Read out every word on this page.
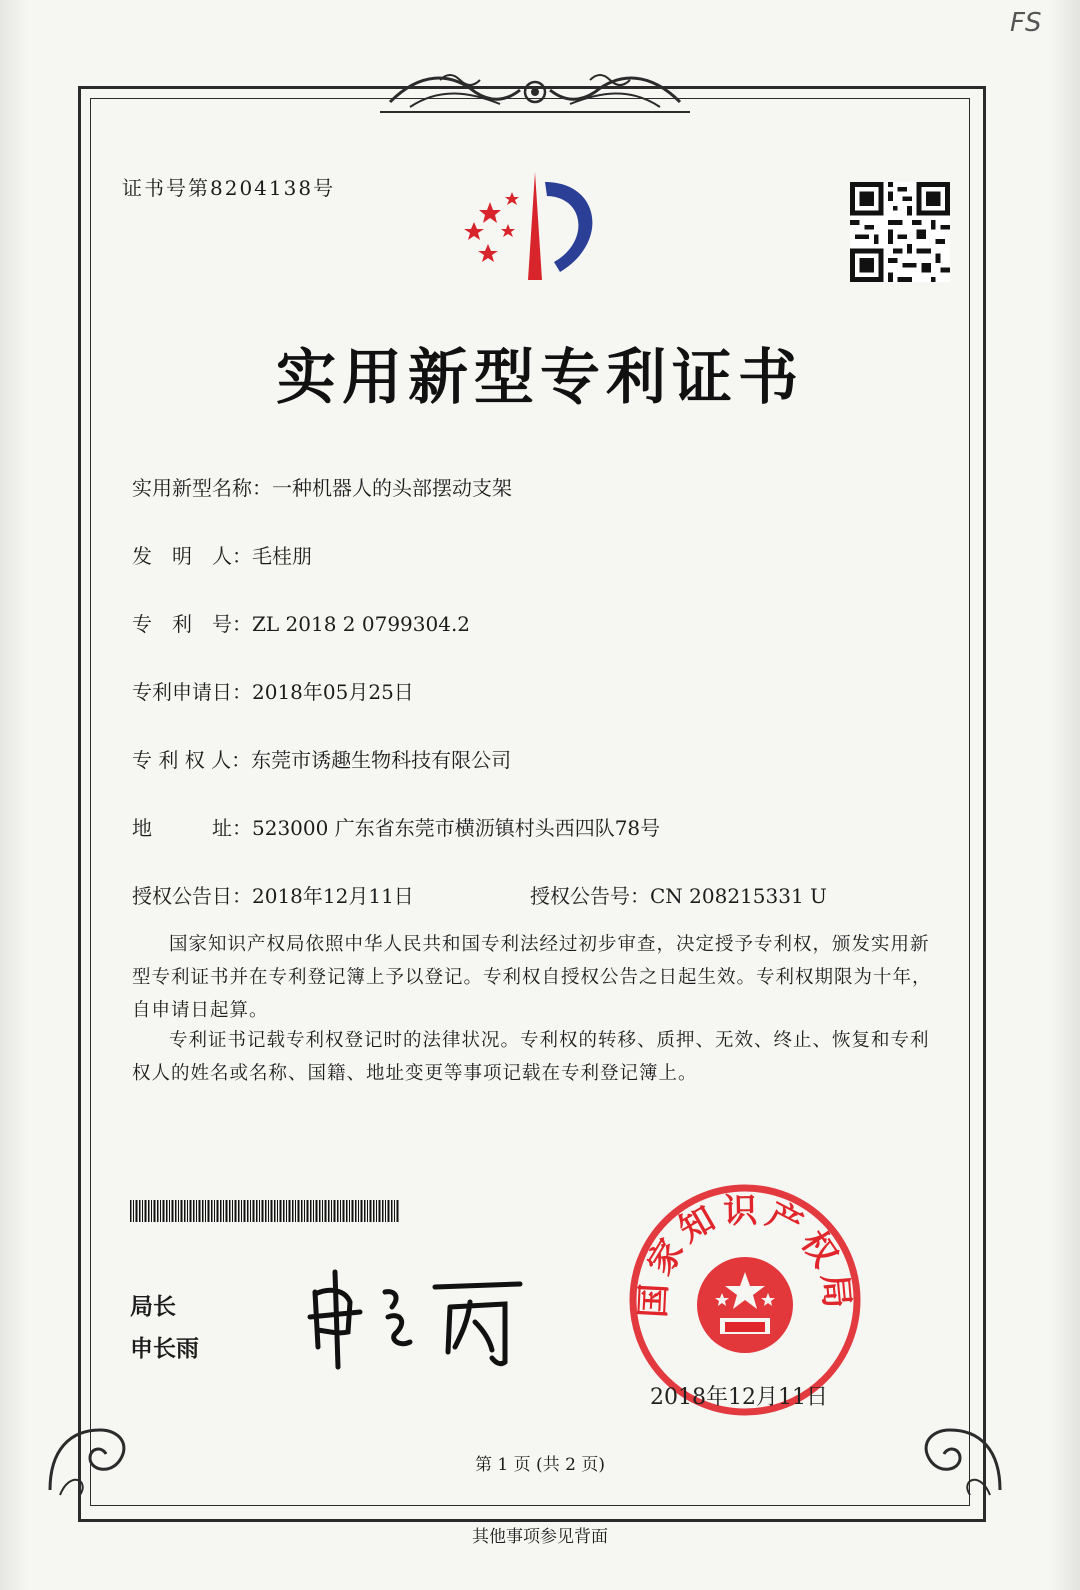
FS
证书号第8204138号
实用新型专利证书
实用新型名称：一种机器人的头部摆动支架
发　明　人：毛桂朋
专　利　号：ZL 2018 2 0799304.2
专利申请日：2018年05月25日
专 利 权 人：东莞市诱趣生物科技有限公司
地　　　址：523000 广东省东莞市横沥镇村头西四队78号
授权公告日：2018年12月11日	授权公告号：CN 208215331 U
国家知识产权局依照中华人民共和国专利法经过初步审查，决定授予专利权，颁发实用新型专利证书并在专利登记簿上予以登记。专利权自授权公告之日起生效。专利权期限为十年，自申请日起算。
专利证书记载专利权登记时的法律状况。专利权的转移、质押、无效、终止、恢复和专利权人的姓名或名称、国籍、地址变更等事项记载在专利登记簿上。
局长
申长雨
国家知识产权局
2018年12月11日
第 1 页 (共 2 页)
其他事项参见背面
